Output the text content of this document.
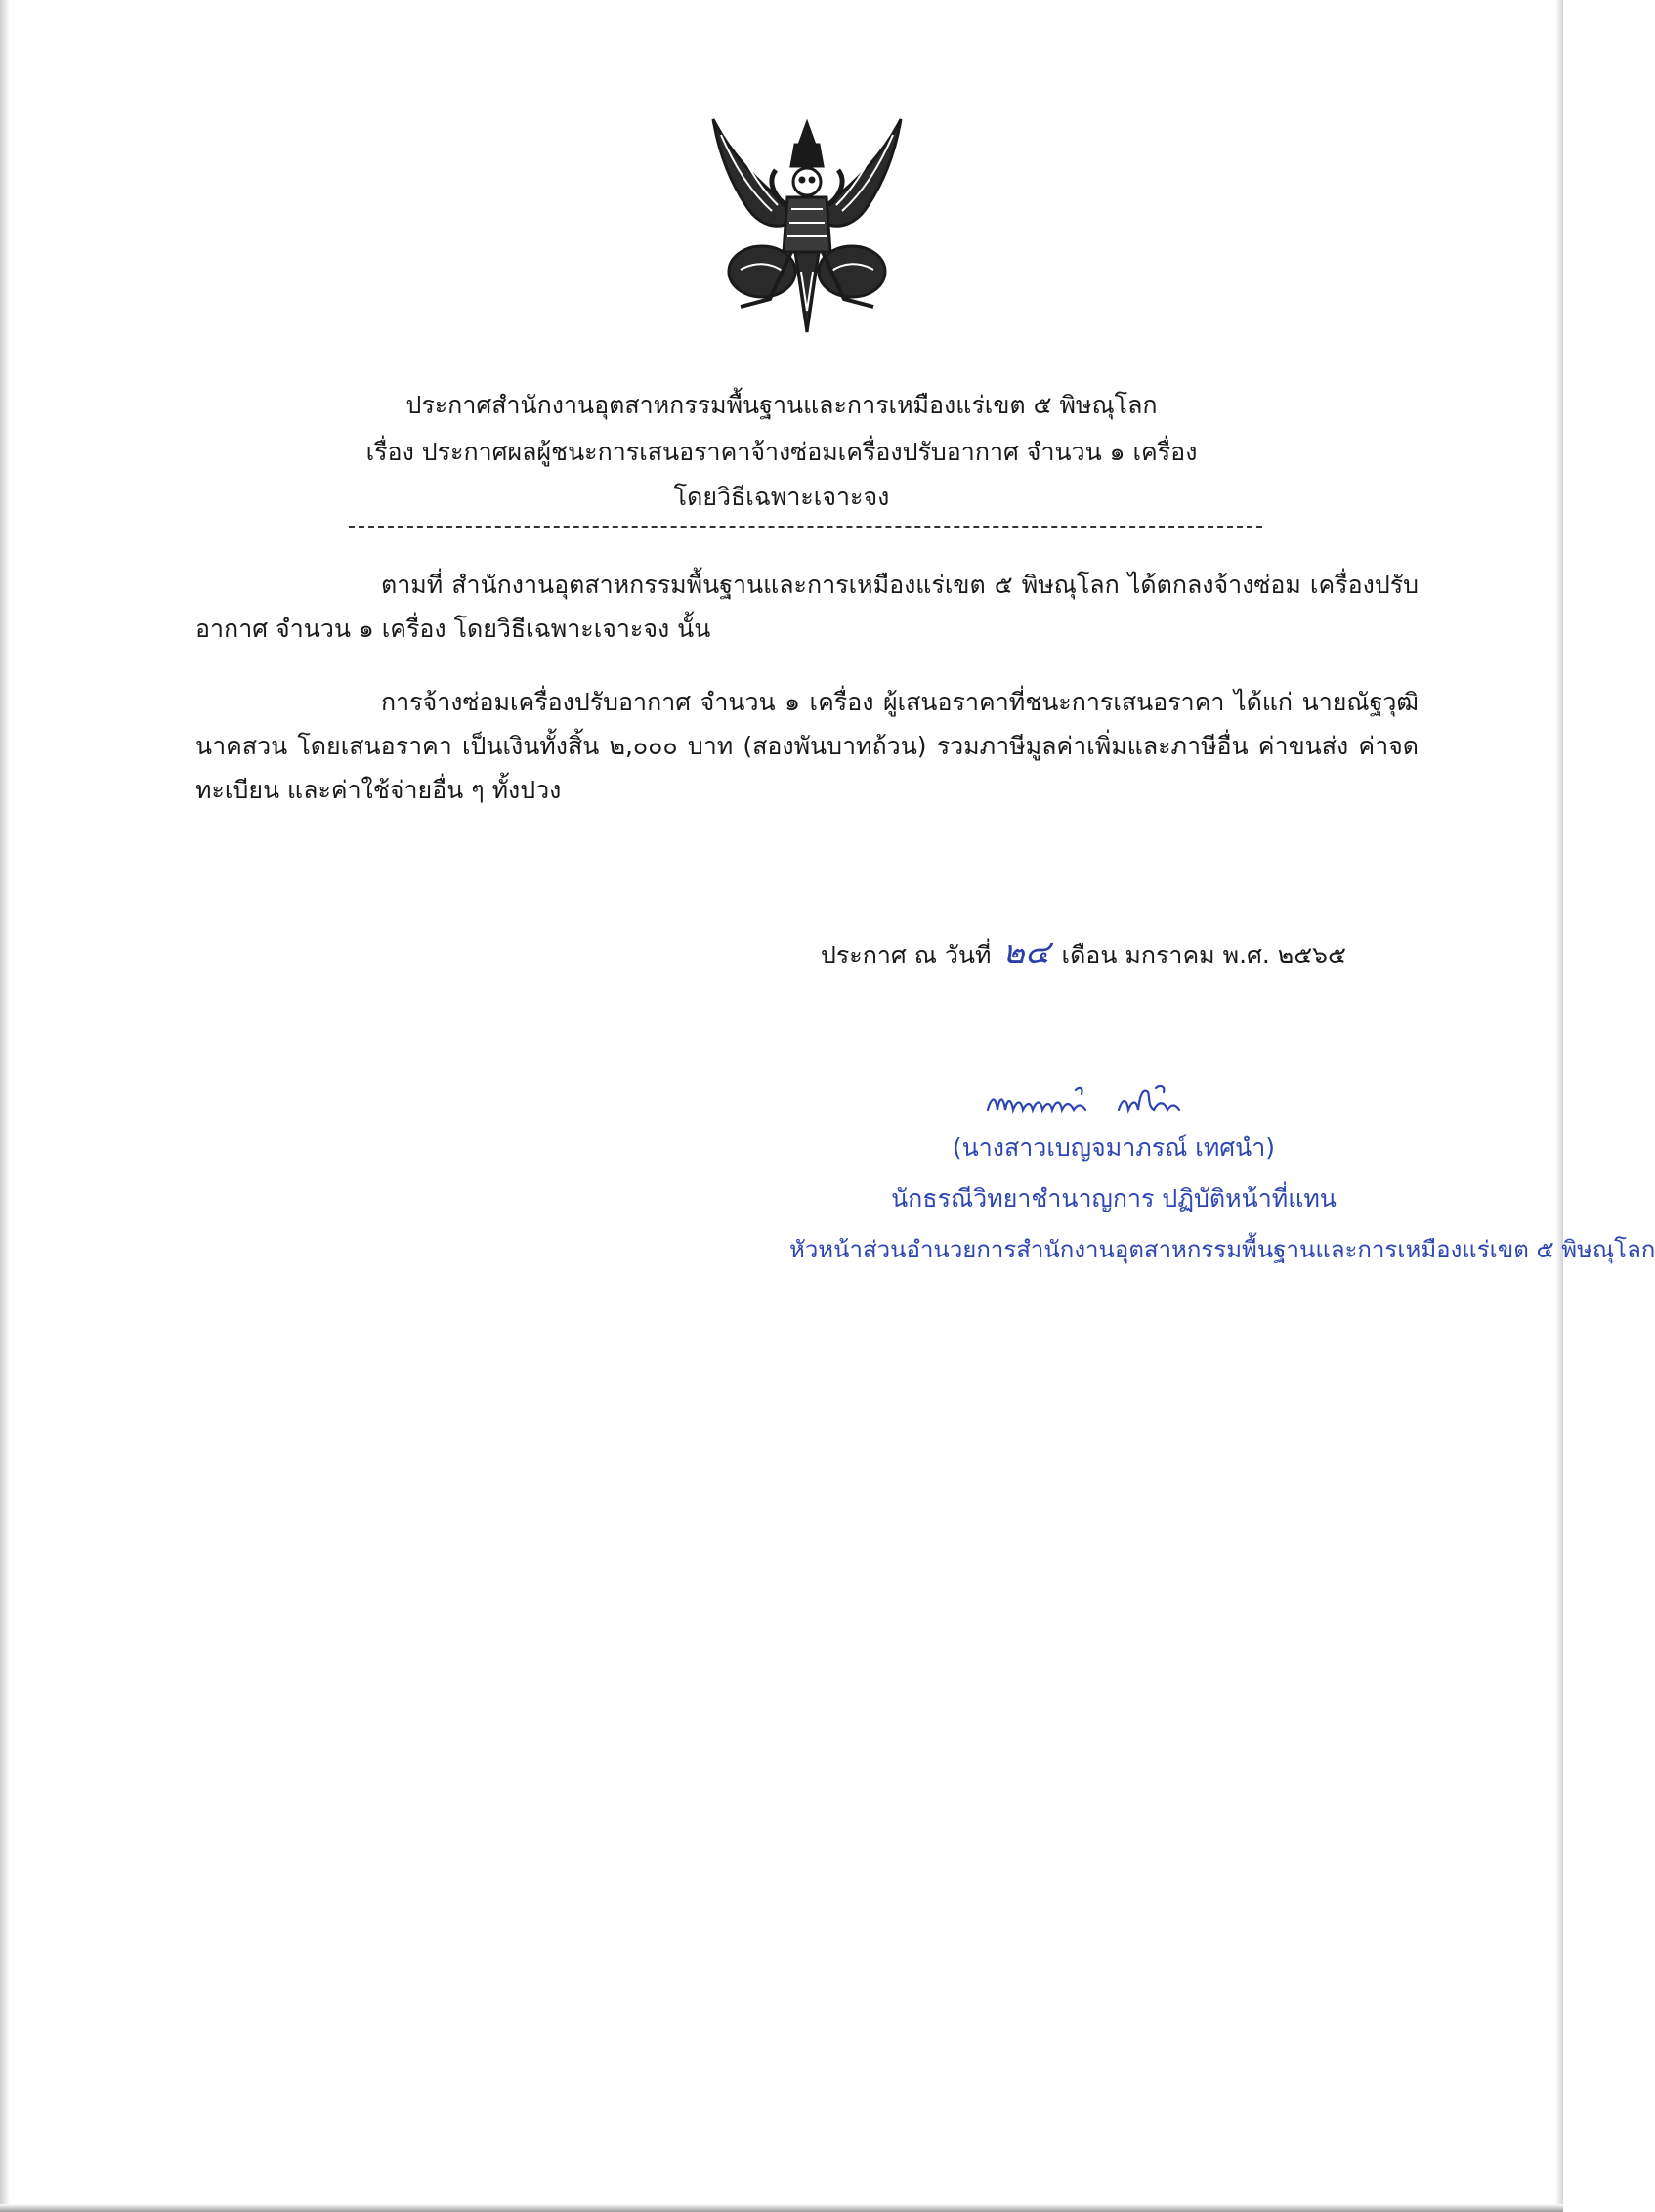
ประกาศสำนักงานอุตสาหกรรมพื้นฐานและการเหมืองแร่เขต ๕ พิษณุโลก
เรื่อง ประกาศผลผู้ชนะการเสนอราคาจ้างซ่อมเครื่องปรับอากาศ จำนวน ๑ เครื่อง
โดยวิธีเฉพาะเจาะจง
ตามที่ สำนักงานอุตสาหกรรมพื้นฐานและการเหมืองแร่เขต ๕ พิษณุโลก ได้ตกลงจ้างซ่อม เครื่องปรับอากาศ จำนวน ๑ เครื่อง โดยวิธีเฉพาะเจาะจง นั้น
การจ้างซ่อมเครื่องปรับอากาศ จำนวน ๑ เครื่อง ผู้เสนอราคาที่ชนะการเสนอราคา ได้แก่ นายณัฐวุฒิ นาคสวน โดยเสนอราคา เป็นเงินทั้งสิ้น ๒,๐๐๐ บาท (สองพันบาทถ้วน) รวมภาษีมูลค่าเพิ่มและภาษีอื่น ค่าขนส่ง ค่าจดทะเบียน และค่าใช้จ่ายอื่น ๆ ทั้งปวง
ประกาศ ณ วันที่ ๒๔ เดือน มกราคม พ.ศ. ๒๕๖๕
(นางสาวเบญจมาภรณ์ เทศนำ)
นักธรณีวิทยาชำนาญการ ปฏิบัติหน้าที่แทน
หัวหน้าส่วนอำนวยการสำนักงานอุตสาหกรรมพื้นฐานและการเหมืองแร่เขต ๕ พิษณุโลก
